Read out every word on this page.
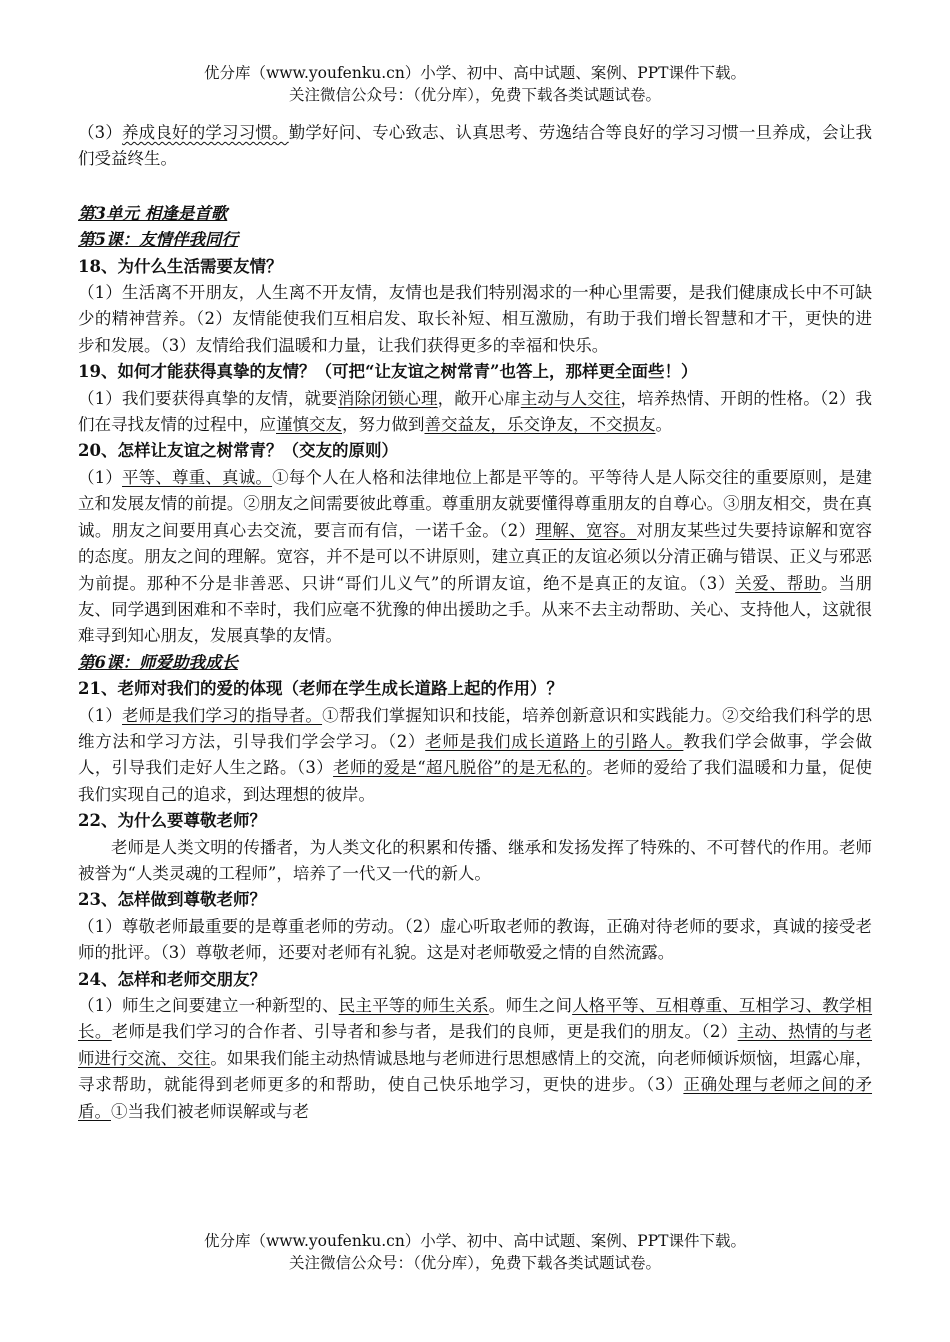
优分库（www.youfenku.cn）小学、初中、高中试题、案例、PPT课件下载。
关注微信公众号：（优分库），免费下载各类试题试卷。

（3）养成良好的学习习惯。勤学好问、专心致志、认真思考、劳逸结合等良好的学习习惯一旦养成，会让我们受益终生。

第3单元 相逢是首歌

第5课：友情伴我同行

18、为什么生活需要友情？

（1）生活离不开朋友，人生离不开友情，友情也是我们特别渴求的一种心里需要，是我们健康成长中不可缺少的精神营养。（2）友情能使我们互相启发、取长补短、相互激励，有助于我们增长智慧和才干，更快的进步和发展。（3）友情给我们温暖和力量，让我们获得更多的幸福和快乐。

19、如何才能获得真挚的友情？（可把“让友谊之树常青”也答上，那样更全面些！）

（1）我们要获得真挚的友情，就要消除闭锁心理，敞开心扉主动与人交往，培养热情、开朗的性格。（2）我们在寻找友情的过程中，应谨慎交友，努力做到善交益友，乐交诤友，不交损友。

20、怎样让友谊之树常青？（交友的原则）

（1）平等、尊重、真诚。①每个人在人格和法律地位上都是平等的。平等待人是人际交往的重要原则，是建立和发展友情的前提。②朋友之间需要彼此尊重。尊重朋友就要懂得尊重朋友的自尊心。③朋友相交，贵在真诚。朋友之间要用真心去交流，要言而有信，一诺千金。（2）理解、宽容。对朋友某些过失要持谅解和宽容的态度。朋友之间的理解。宽容，并不是可以不讲原则，建立真正的友谊必须以分清正确与错误、正义与邪恶为前提。那种不分是非善恶、只讲“哥们儿义气”的所谓友谊，绝不是真正的友谊。（3）关爱、帮助。当朋友、同学遇到困难和不幸时，我们应毫不犹豫的伸出援助之手。从来不去主动帮助、关心、支持他人，这就很难寻到知心朋友，发展真挚的友情。

第6课：师爱助我成长

21、老师对我们的爱的体现（老师在学生成长道路上起的作用）？

（1）老师是我们学习的指导者。①帮我们掌握知识和技能，培养创新意识和实践能力。②交给我们科学的思维方法和学习方法，引导我们学会学习。（2）老师是我们成长道路上的引路人。教我们学会做事，学会做人，引导我们走好人生之路。（3）老师的爱是“超凡脱俗”的是无私的。老师的爱给了我们温暖和力量，促使我们实现自己的追求，到达理想的彼岸。

22、为什么要尊敬老师？

老师是人类文明的传播者，为人类文化的积累和传播、继承和发扬发挥了特殊的、不可替代的作用。老师被誉为“人类灵魂的工程师”，培养了一代又一代的新人。

23、怎样做到尊敬老师？

（1）尊敬老师最重要的是尊重老师的劳动。（2）虚心听取老师的教诲，正确对待老师的要求，真诚的接受老师的批评。（3）尊敬老师，还要对老师有礼貌。这是对老师敬爱之情的自然流露。

24、怎样和老师交朋友？

（1）师生之间要建立一种新型的、民主平等的师生关系。师生之间人格平等、互相尊重、互相学习、教学相长。老师是我们学习的合作者、引导者和参与者，是我们的良师，更是我们的朋友。（2）主动、热情的与老师进行交流、交往。如果我们能主动热情诚恳地与老师进行思想感情上的交流，向老师倾诉烦恼，坦露心扉，寻求帮助，就能得到老师更多的和帮助，使自己快乐地学习，更快的进步。（3）正确处理与老师之间的矛盾。①当我们被老师误解或与老

优分库（www.youfenku.cn）小学、初中、高中试题、案例、PPT课件下载。
关注微信公众号：（优分库），免费下载各类试题试卷。
